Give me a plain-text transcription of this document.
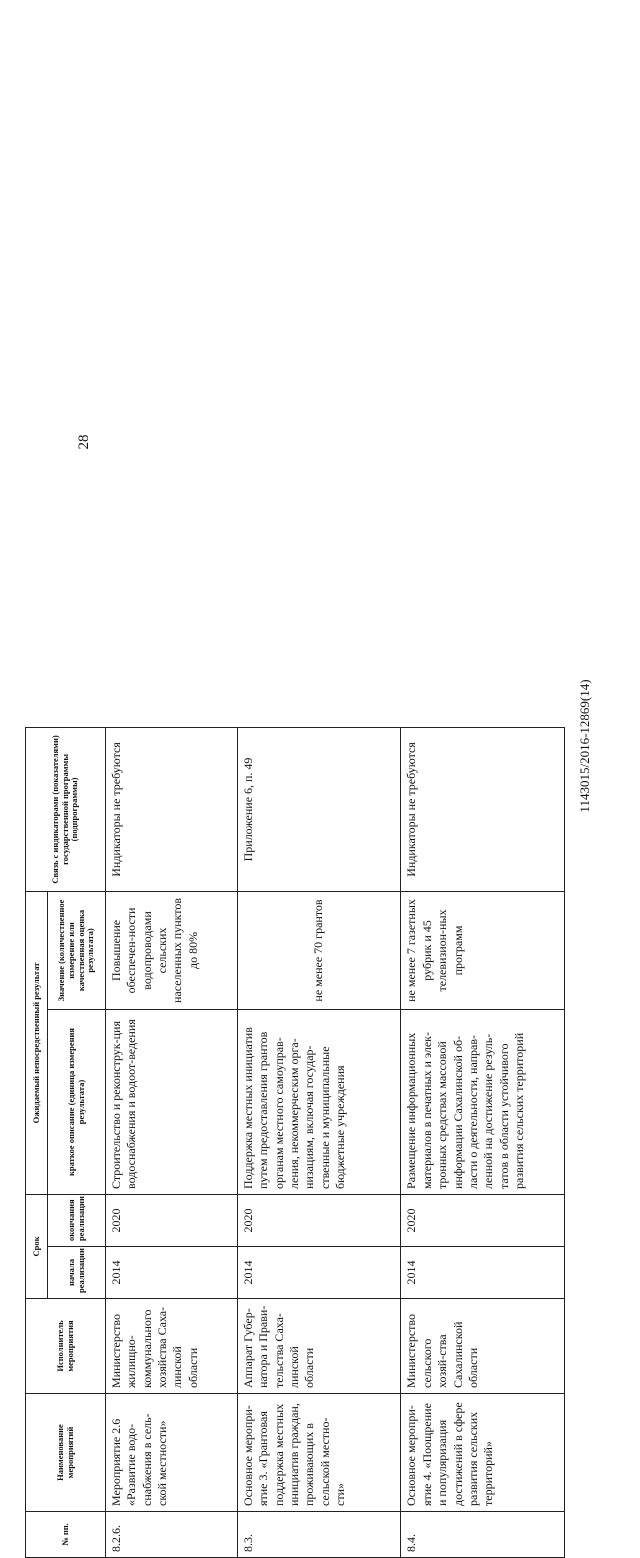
28
1143015/2016-12869(14)
№ пп.	Наименование мероприятий	Исполнитель мероприятия	Срок		Ожидаемый непосредственный результат		Связь с индикаторами (показателями) государственной программы (подпрограммы)
			начала реализации	окончания реализации	краткое описание (единица измерения результата)	Значение (количественное измерение или качественная оценка результата)	
8.2.6.	Мероприятие 2.6 «Развитие водо-снабжения в сель-ской местности»	Министерство жилищно-коммунального хозяйства Саха-линской области	2014	2020	Строительство и реконструк-ция водоснабжения и водоот-ведения	Повышение обеспечен-ности водопроводами сельских населенных пунктов до 80%	Индикаторы не требуются
8.3.	Основное меропри-ятие 3. «Грантовая поддержка местных инициатив граждан, проживающих в сельской местно-сти»	Аппарат Губер-натора и Прави-тельства Саха-линской области	2014	2020	Поддержка местных инициатив путем предоставления грантов органам местного самоуправ-ления, некоммерческим орга-низациям, включая государ-ственные и муниципальные бюджетные учреждения	не менее 70 грантов	Приложение 6, п. 49
8.4.	Основное меропри-ятие 4. «Поощрение и популяризация достижений в сфере развития сельских территорий»	Министерство сельского хозяй-ства Сахалинской области	2014	2020	Размещение информационных материалов в печатных и элек-тронных средствах массовой информации Сахалинской об-ласти о деятельности, направ-ленной на достижение резуль-татов в области устойчивого развития сельских территорий	не менее 7 газетных рубрик и 45 телевизион-ных программ	Индикаторы не требуются
